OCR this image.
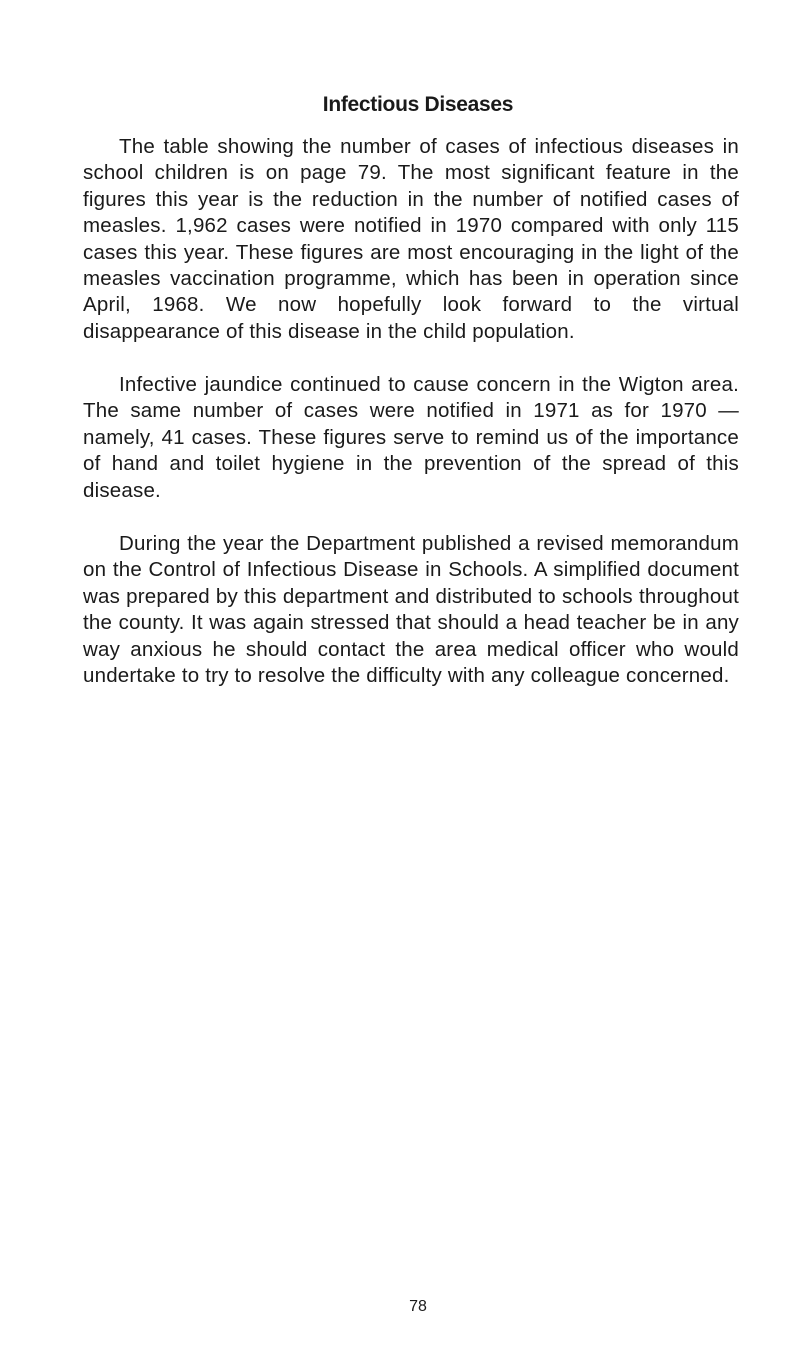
Infectious Diseases

The table showing the number of cases of infectious diseases in school children is on page 79. The most significant feature in the figures this year is the reduction in the number of notified cases of measles. 1,962 cases were notified in 1970 compared with only 115 cases this year. These figures are most encouraging in the light of the measles vaccination programme, which has been in operation since April, 1968. We now hopefully look forward to the virtual disappearance of this disease in the child population.

Infective jaundice continued to cause concern in the Wigton area. The same number of cases were notified in 1971 as for 1970 — namely, 41 cases. These figures serve to remind us of the importance of hand and toilet hygiene in the prevention of the spread of this disease.

During the year the Department published a revised memorandum on the Control of Infectious Disease in Schools. A simplified document was prepared by this department and distributed to schools throughout the county. It was again stressed that should a head teacher be in any way anxious he should contact the area medical officer who would undertake to try to resolve the difficulty with any colleague concerned.

78
